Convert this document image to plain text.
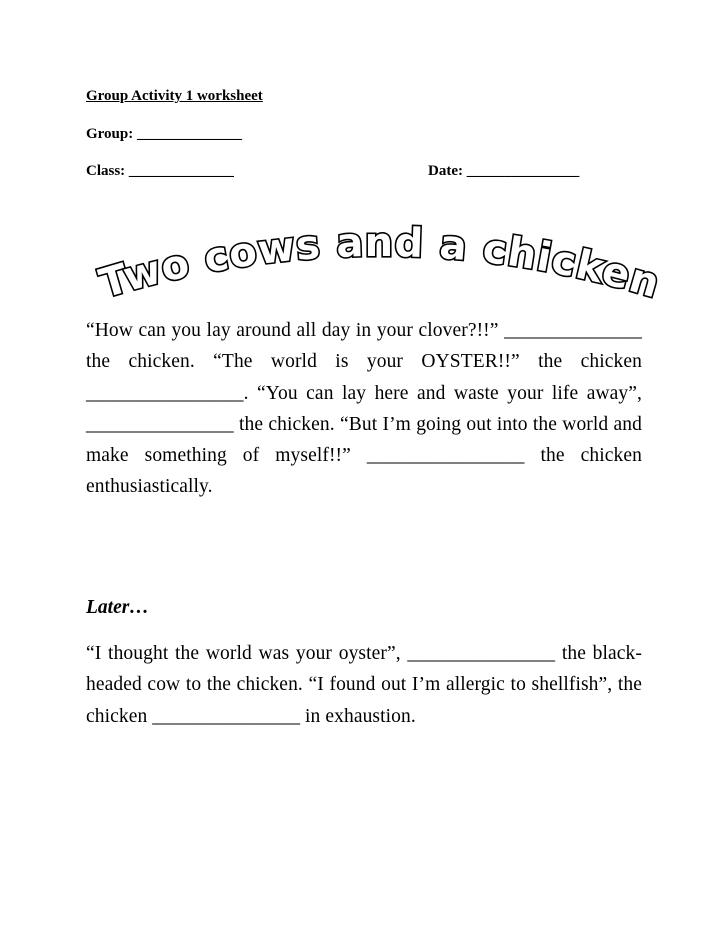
Group Activity 1 worksheet
Group: ______________
Class: ______________	Date: _______________
Two cows and a chicken
“How can you lay around all day in your clover?!!” ______________ the chicken. “The world is your OYSTER!!” the chicken ________________. “You can lay here and waste your life away”, _______________ the chicken. “But I’m going out into the world and make something of myself!!” ________________ the chicken enthusiastically.
Later…
“I thought the world was your oyster”, _______________ the black-headed cow to the chicken. “I found out I’m allergic to shellfish”, the chicken _______________ in exhaustion.
